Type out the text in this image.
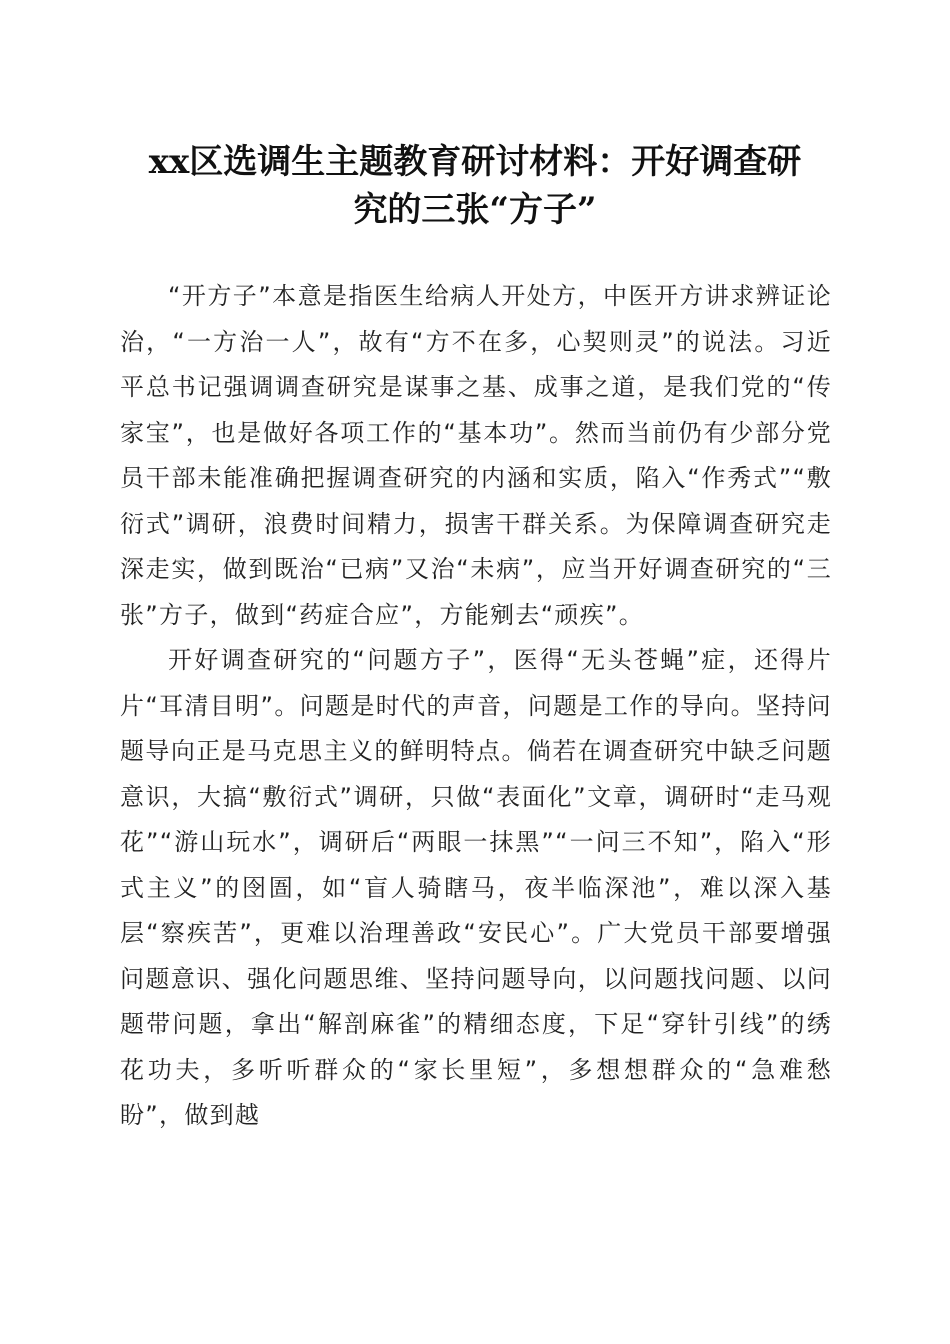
xx区选调生主题教育研讨材料：开好调查研
究的三张“方子”

“开方子”本意是指医生给病人开处方，中医开方讲求辨证论治，“一方治一人”，故有“方不在多，心契则灵”的说法。习近平总书记强调调查研究是谋事之基、成事之道，是我们党的“传家宝”，也是做好各项工作的“基本功”。然而当前仍有少部分党员干部未能准确把握调查研究的内涵和实质，陷入“作秀式”“敷衍式”调研，浪费时间精力，损害干群关系。为保障调查研究走深走实，做到既治“已病”又治“未病”，应当开好调查研究的“三张”方子，做到“药症合应”，方能剜去“顽疾”。

开好调查研究的“问题方子”，医得“无头苍蝇”症，还得片片“耳清目明”。问题是时代的声音，问题是工作的导向。坚持问题导向正是马克思主义的鲜明特点。倘若在调查研究中缺乏问题意识，大搞“敷衍式”调研，只做“表面化”文章，调研时“走马观花”“游山玩水”，调研后“两眼一抹黑”“一问三不知”，陷入“形式主义”的囹圄，如“盲人骑瞎马，夜半临深池”，难以深入基层“察疾苦”，更难以治理善政“安民心”。广大党员干部要增强问题意识、强化问题思维、坚持问题导向，以问题找问题、以问题带问题，拿出“解剖麻雀”的精细态度，下足“穿针引线”的绣花功夫，多听听群众的“家长里短”，多想想群众的“急难愁盼”，做到越
